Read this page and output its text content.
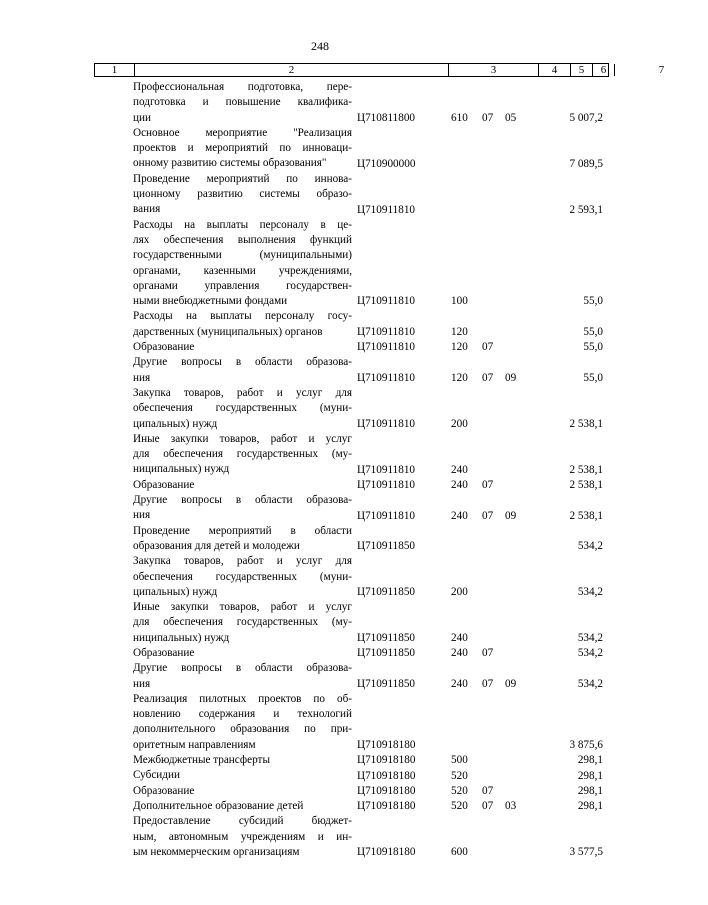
248
1	2	3	4	5	6	7
Профессиональная подготовка, пере-
подготовка и повышение квалифика-
ции	Ц710811800	610	07	05	5 007,2
Основное мероприятие "Реализация
проектов и мероприятий по инновaци-
онному развитию системы образования"	Ц710900000	7 089,5
Проведение мероприятий по иннова-
ционному развитию системы образо-
вания	Ц710911810	2 593,1
Расходы на выплаты персоналу в це-
лях обеспечения выполнения функций
государственными (муниципальными)
органами, казенными учреждениями,
органами управления государствен-
ными внебюджетными фондами	Ц710911810	100	55,0
Расходы на выплаты персоналу госу-
дарственных (муниципальных) органов	Ц710911810	120	55,0
Образование	Ц710911810	120	07	55,0
Другие вопросы в области образова-
ния	Ц710911810	120	07	09	55,0
Закупка товаров, работ и услуг для
обеспечения государственных (муни-
ципальных) нужд	Ц710911810	200	2 538,1
Иные закупки товаров, работ и услуг
для обеспечения государственных (му-
ниципальных) нужд	Ц710911810	240	2 538,1
Образование	Ц710911810	240	07	2 538,1
Другие вопросы в области образова-
ния	Ц710911810	240	07	09	2 538,1
Проведение мероприятий в области
образования для детей и молодежи	Ц710911850	534,2
Закупка товаров, работ и услуг для
обеспечения государственных (муни-
ципальных) нужд	Ц710911850	200	534,2
Иные закупки товаров, работ и услуг
для обеспечения государственных (му-
ниципальных) нужд	Ц710911850	240	534,2
Образование	Ц710911850	240	07	534,2
Другие вопросы в области образова-
ния	Ц710911850	240	07	09	534,2
Реализация пилотных проектов по об-
новлению содержания и технологий
дополнительного образования по при-
оритетным направлениям	Ц710918180	3 875,6
Межбюджетные трансферты	Ц710918180	500	298,1
Субсидии	Ц710918180	520	298,1
Образование	Ц710918180	520	07	298,1
Дополнительное образование детей	Ц710918180	520	07	03	298,1
Предоставление субсидий бюджет-
ным, автономным учреждениям и ин-
ым некоммерческим организациям	Ц710918180	600	3 577,5
